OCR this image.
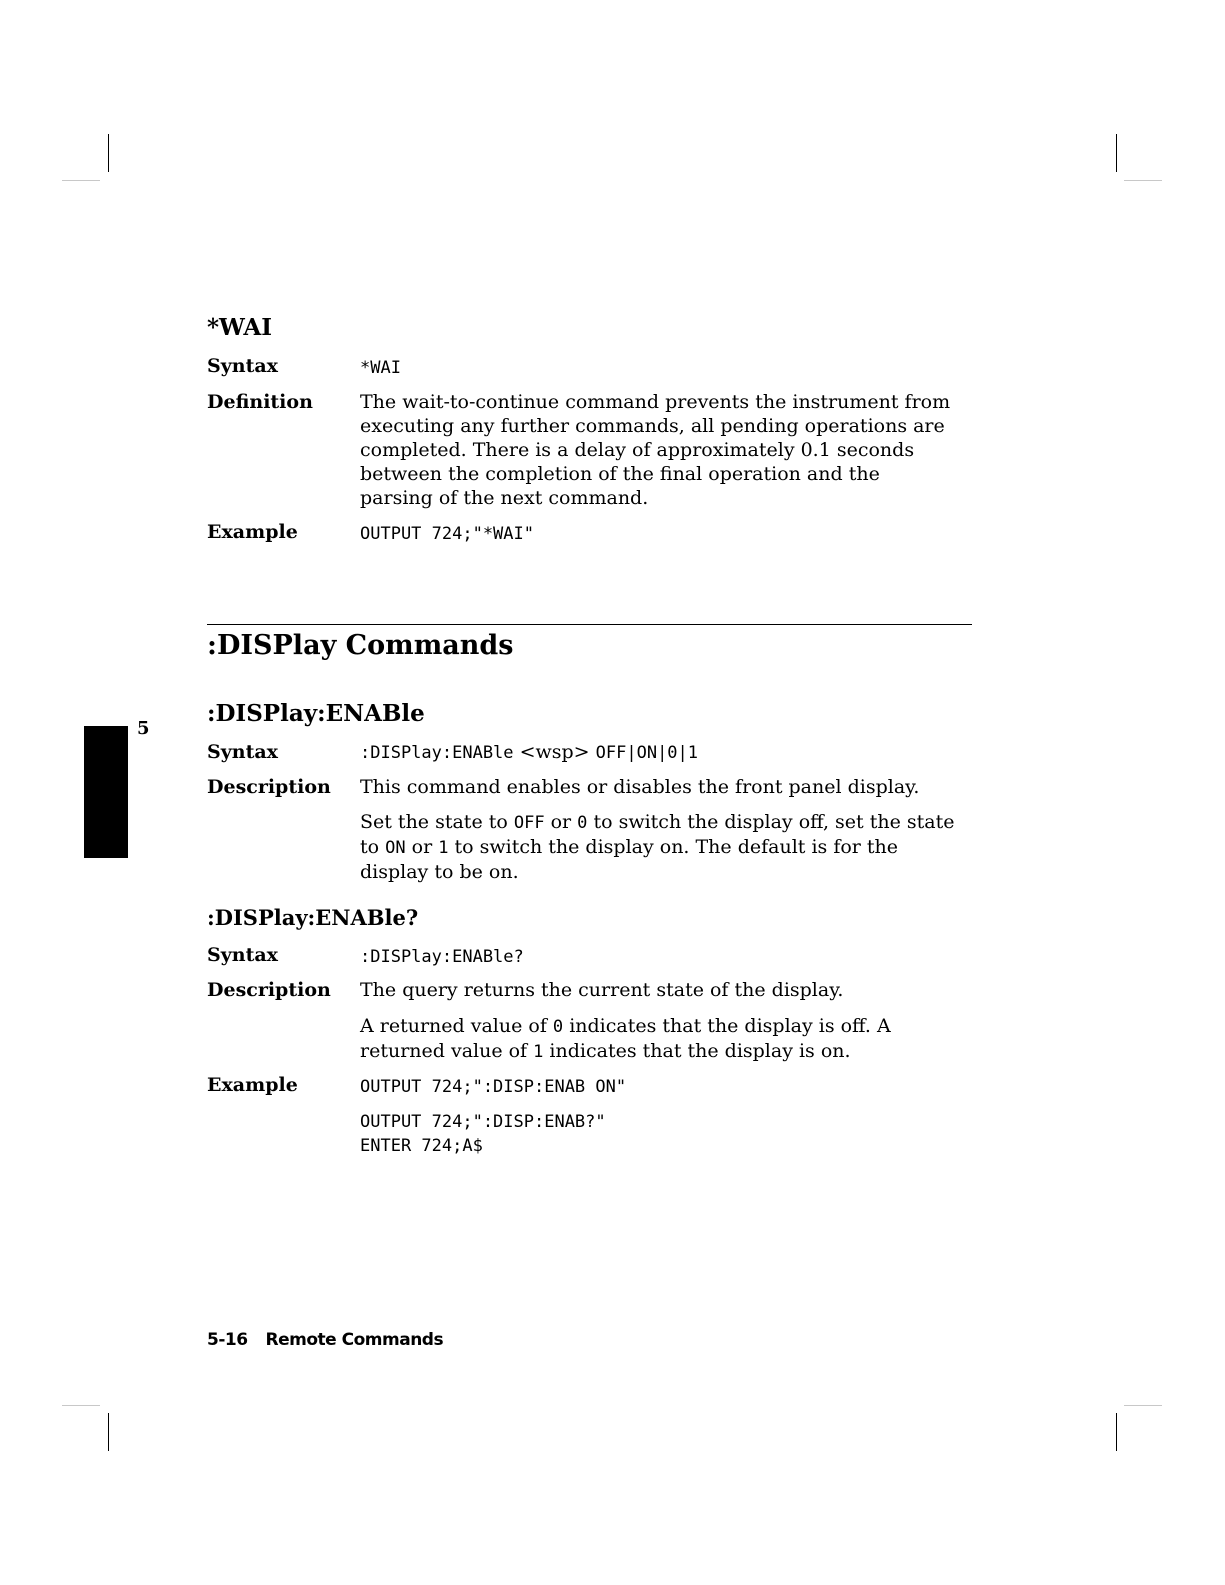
5
*WAI
Syntax	*WAI
Definition The wait-to-continue command prevents the instrument from executing any further commands, all pending operations are completed. There is a delay of approximately 0.1 seconds between the completion of the final operation and the parsing of the next command.
Example	OUTPUT 724;"*WAI"
:DISPlay Commands
:DISPlay:ENABle
Syntax	:DISPlay:ENABle <wsp> OFF|ON|0|1
Description This command enables or disables the front panel display.

Set the state to OFF or 0 to switch the display off, set the state to ON or 1 to switch the display on. The default is for the display to be on.

:DISPlay:ENABle?
Syntax	:DISPlay:ENABle?
Description The query returns the current state of the display.

A returned value of 0 indicates that the display is off. A returned value of 1 indicates that the display is on.

Example	OUTPUT 724;":DISP:ENAB ON"
OUTPUT 724;":DISP:ENAB?"
ENTER 724;A$
5-16 Remote Commands
